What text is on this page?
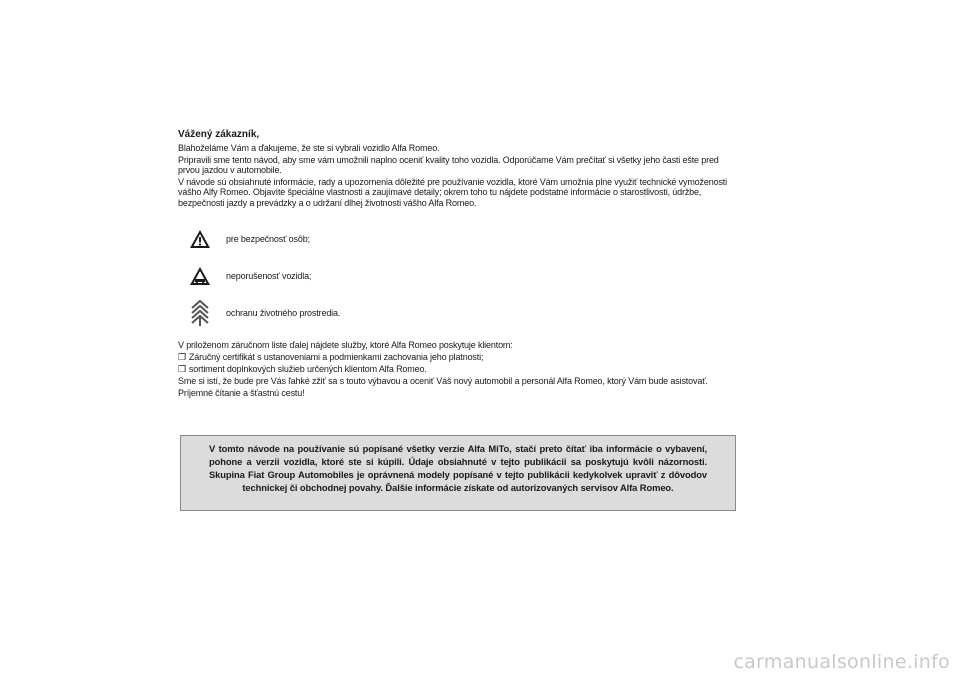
Vážený zákazník,
Blahoželáme Vám a ďakujeme, že ste si vybrali vozidlo Alfa Romeo.
Pripravili sme tento návod, aby sme vám umožnili naplno oceniť kvality toho vozidla. Odporúčame Vám prečítať si všetky jeho časti ešte pred prvou jazdou v automobile.
V návode sú obsiahnuté informácie, rady a upozornenia dôležité pre používanie vozidla, ktoré Vám umožnia plne využiť technické vymoženosti vášho Alfy Romeo. Objavíte špeciálne vlastnosti a zaujímavé detaily; okrem toho tu nájdete podstatné informácie o starostlivosti, údržbe, bezpečnosti jazdy a prevádzky a o udržaní dlhej životnosti vášho Alfa Romeo.
pre bezpečnosť osôb;
neporušenosť vozidla;
ochranu životného prostredia.
V priloženom záručnom liste ďalej nájdete služby, ktoré Alfa Romeo poskytuje klientom:
❒ Záručný certifikát s ustanoveniami a podmienkami zachovania jeho platnosti;
❒ sortiment doplnkových služieb určených klientom Alfa Romeo.
Sme si istí, že bude pre Vás ľahké zžiť sa s touto výbavou a oceniť Váš nový automobil a personál Alfa Romeo, ktorý Vám bude asistovať.
Príjemné čítanie a šťastnú cestu!
V tomto návode na používanie sú popísané všetky verzie Alfa MiTo, stačí preto čítať iba informácie o vybavení, pohone a verzii vozidla, ktoré ste si kúpili. Údaje obsiahnuté v tejto publikácii sa poskytujú kvôli názornosti. Skupina Fiat Group Automobiles je oprávnená modely popísané v tejto publikácii kedykolvek upraviť z dôvodov technickej či obchodnej povahy. Ďalšie informácie získate od autorizovaných servisov Alfa Romeo.
carmanualsonline.info
